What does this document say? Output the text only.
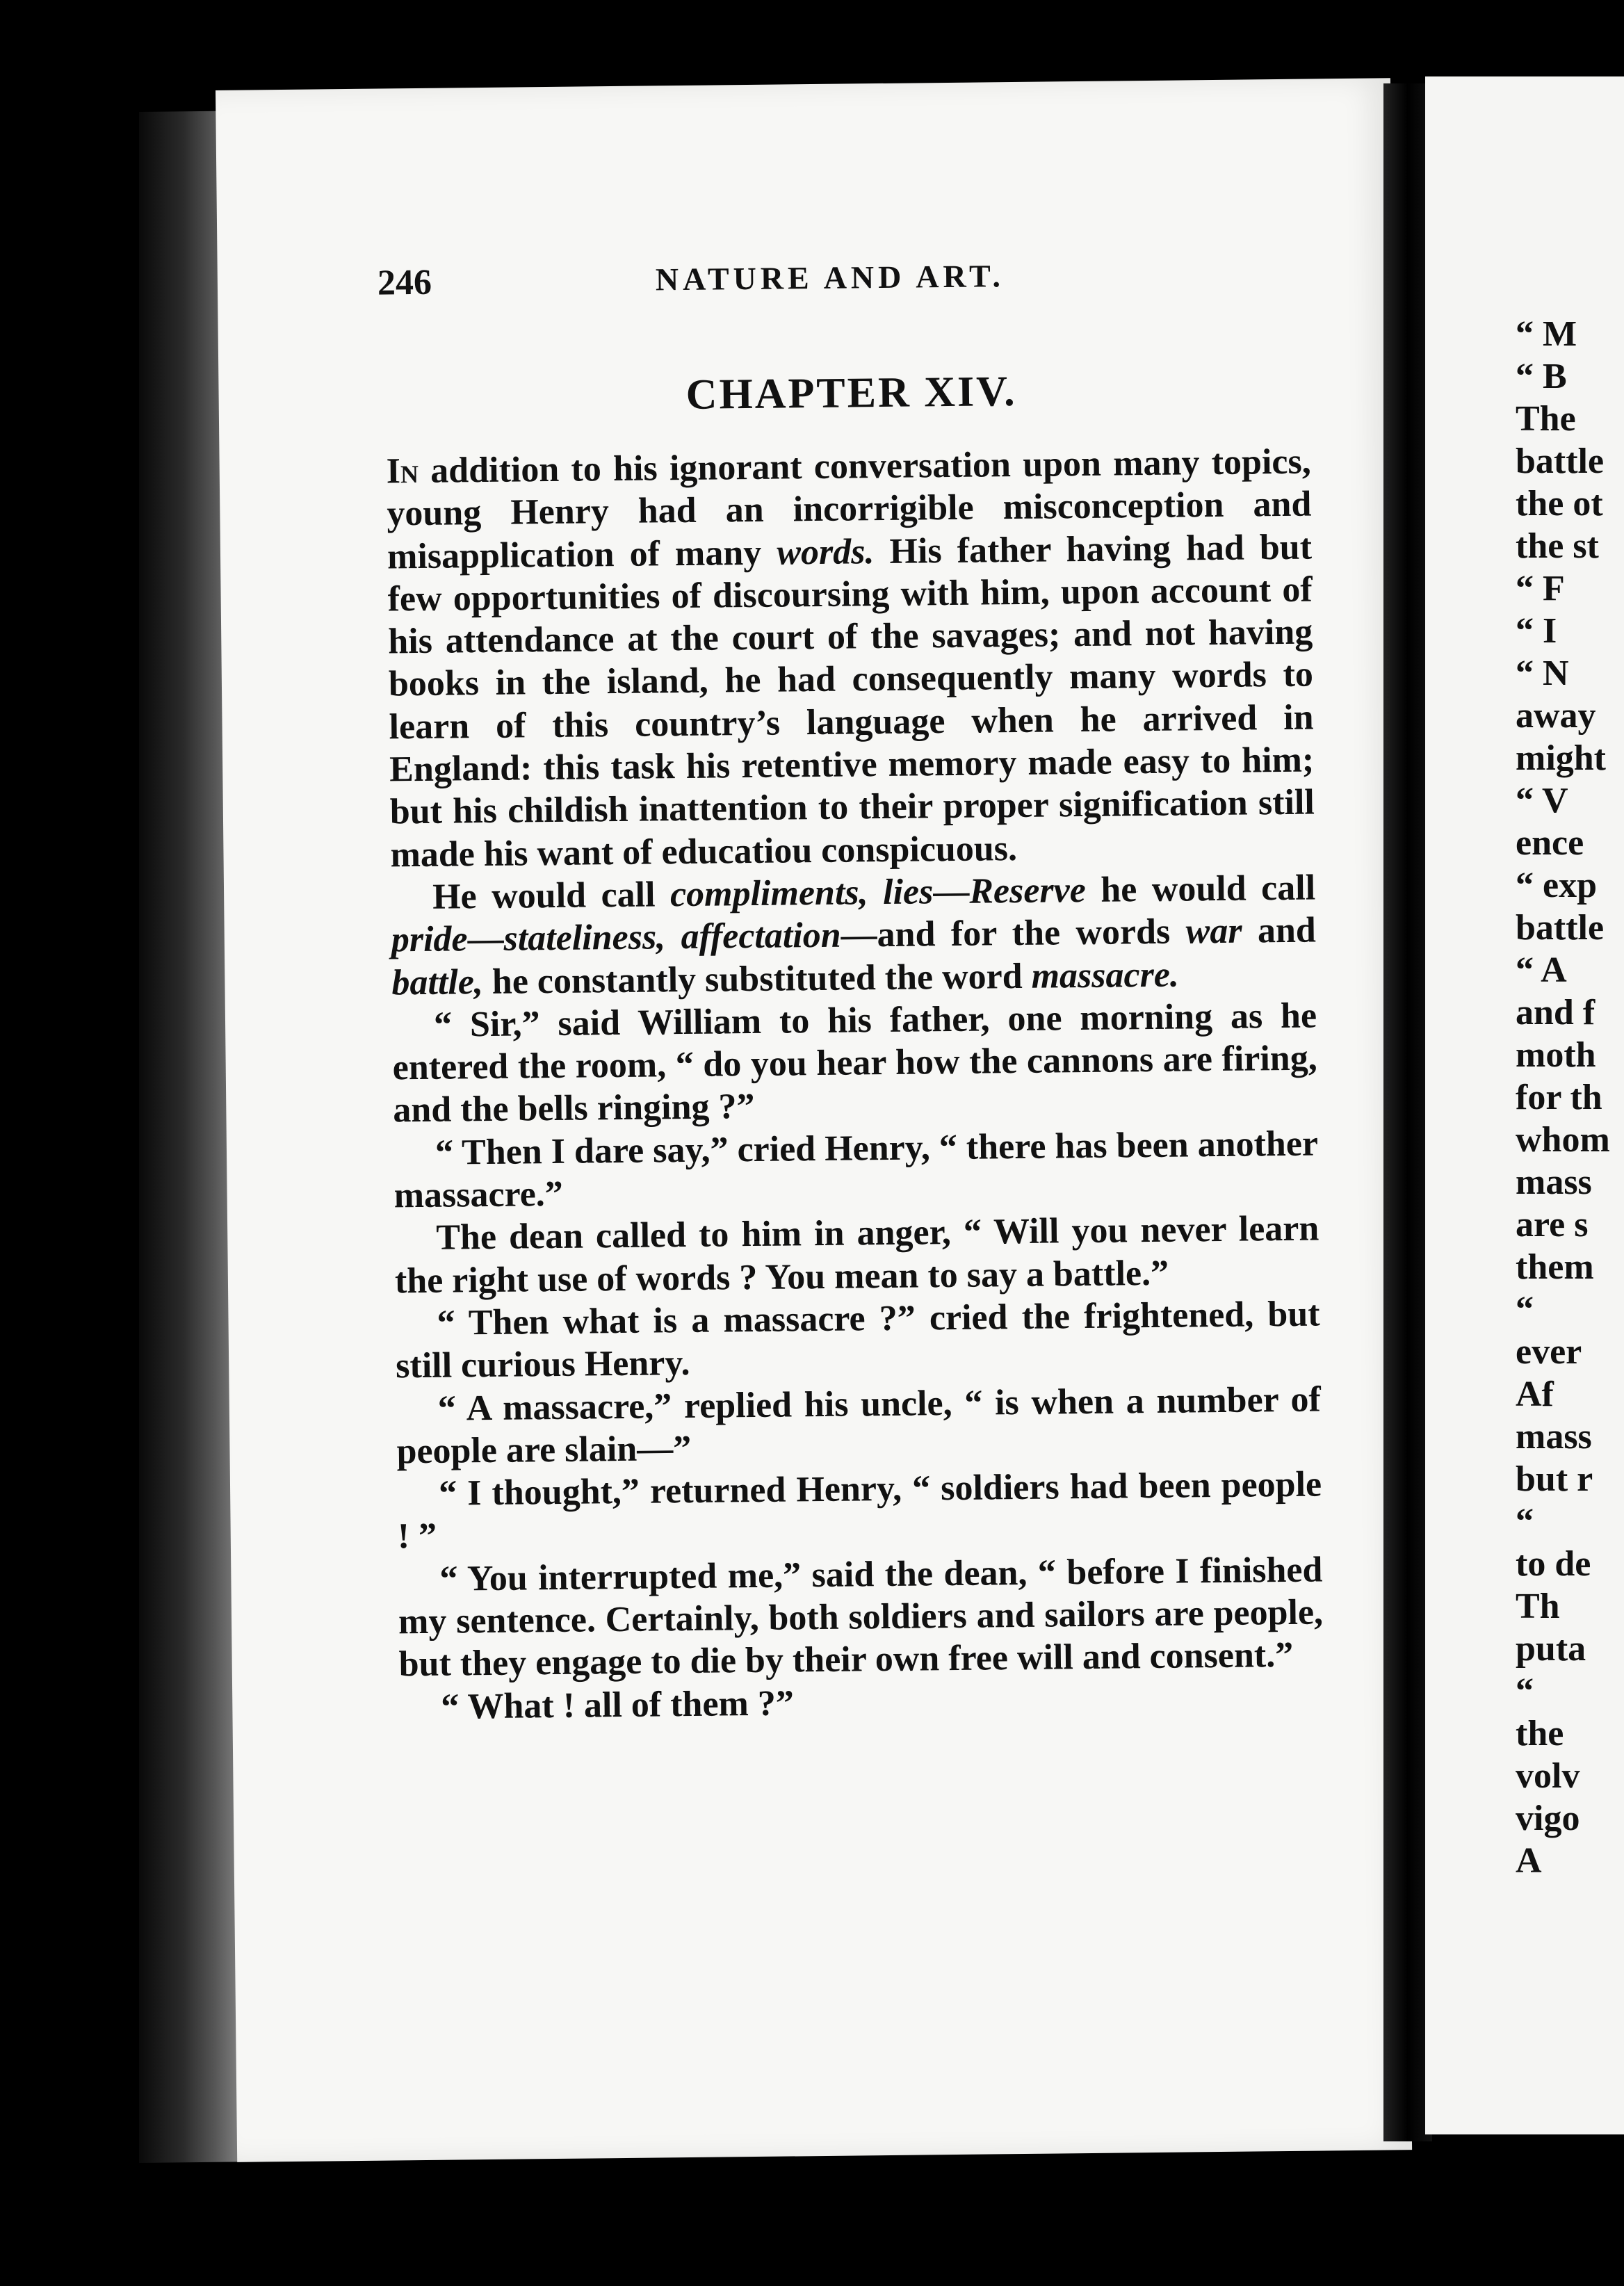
246	NATURE AND ART.
CHAPTER XIV.

In addition to his ignorant conversation upon many topics, young Henry had an incorrigible misconception and misapplication of many words. His father having had but few opportunities of discoursing with him, upon account of his attendance at the court of the savages; and not having books in the island, he had consequently many words to learn of this country’s language when he arrived in England: this task his retentive memory made easy to him; but his childish inattention to their proper signification still made his want of educatiou conspicuous.

He would call compliments, lies—Reserve he would call pride—stateliness, affectation—and for the words war and battle, he constantly substituted the word massacre.

“ Sir,” said William to his father, one morning as he entered the room, “ do you hear how the cannons are firing, and the bells ringing ?”

“ Then I dare say,” cried Henry, “ there has been another massacre.”

The dean called to him in anger, “ Will you never learn the right use of words ? You mean to say a battle.”

“ Then what is a massacre ?” cried the frightened, but still curious Henry.

“ A massacre,” replied his uncle, “ is when a number of people are slain—”

“ I thought,” returned Henry, “ soldiers had been people ! ”

“ You interrupted me,” said the dean, “ before I finished my sentence. Certainly, both soldiers and sailors are people, but they engage to die by their own free will and consent.”

“ What ! all of them ?”

“ M
“ B
The
battle
the ot
the st
“ F
“ I
“ N
away
might
“ V
ence
“ exp
battle
“ A
and f
moth
for th
whom
mass
are s
them
“
ever
Af
mass
but r
“
to de
Th
puta
“
the
volv
vigo
A
